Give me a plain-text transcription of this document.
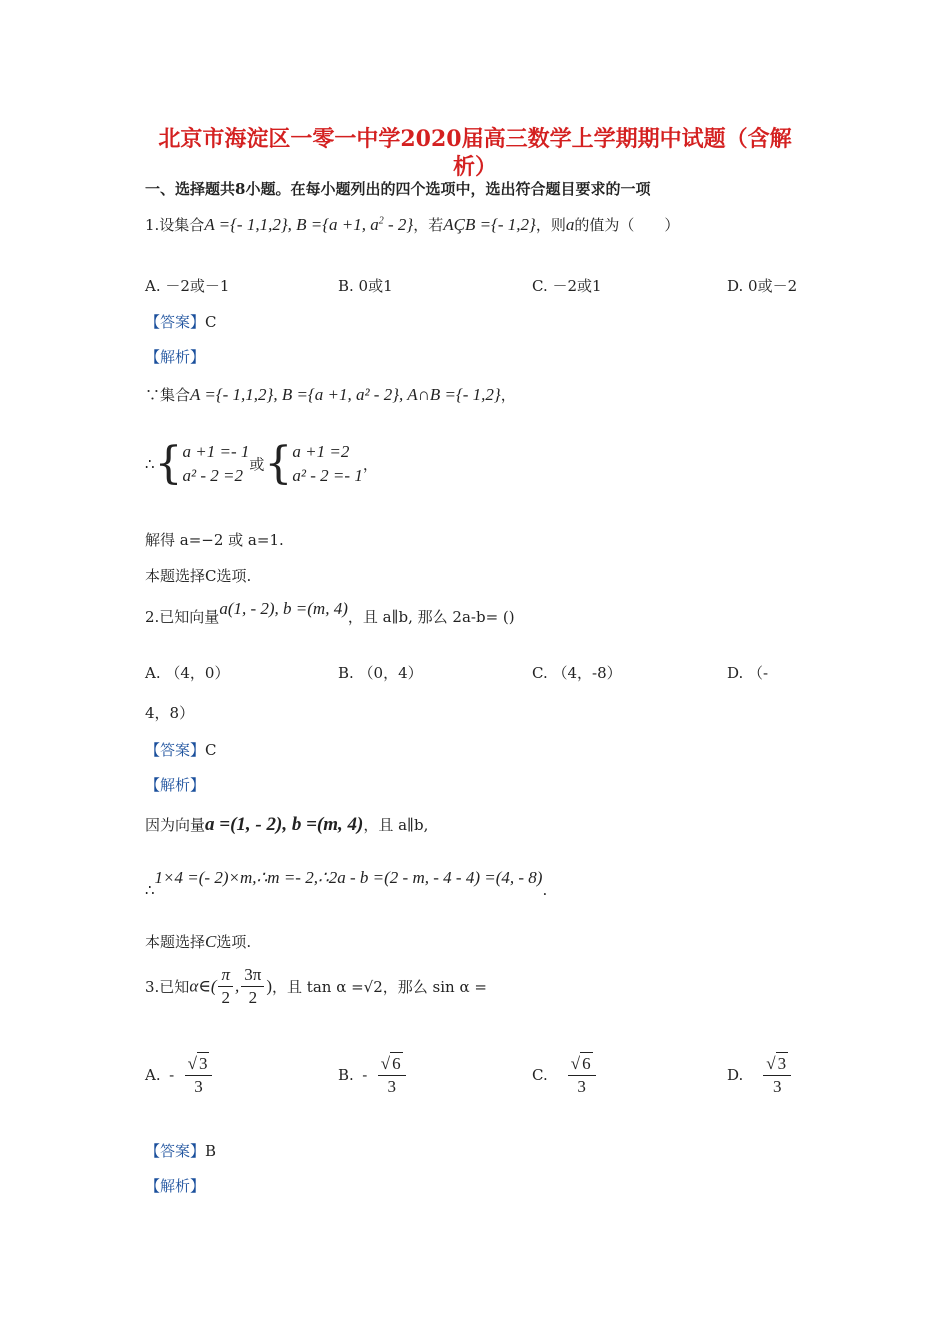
北京市海淀区一零一中学2020届高三数学上学期期中试题（含解
析）
一、选择题共8小题。在每小题列出的四个选项中，选出符合题目要求的一项
1.设集合A ={- 1,1,2}, B ={a +1, $a^2 - 2$}，若AÇB ={- 1,2}，则a的值为（　　）
A. －2或－1	B. 0或1	C. －2或1	D. 0或－2
【答案】C
【解析】
∵集合A ={- 1,1,2}, B ={a +1, a² - 2}, A∩B ={- 1,2}，
∴{ a +1 =- 1
a² - 2 =2
或{ a +1 =2
a² - 2 =- 1
，
解得 a=−2 或 a=1.
本题选择C选项.
2.已知向量a(1, - 2), b =(m, 4)，且 a∥b, 那么 2a-b= ()
A. （4，0）	B. （0，4）	C. （4，-8）	D. （-
4，8）
【答案】C
【解析】
因为向量a =(1, - 2), b =(m, 4)，且 a∥b,
∴1×4 =(- 2)×m,∴m =- 2,∴2a - b =(2 - m, - 4 - 4) =(4, - 8).
本题选择C选项.
3.已知α∈( $\frac{\pi}{2}$ , $\frac{3\pi}{2}$ )，且 tan α =√2，那么 sin α =
A. - $\frac{√ 3}{3}$	B. - $\frac{√ 6}{3}$	C. $\frac{√ 6}{3}$	D. $\frac{√ 3}{3}$
【答案】B
【解析】
